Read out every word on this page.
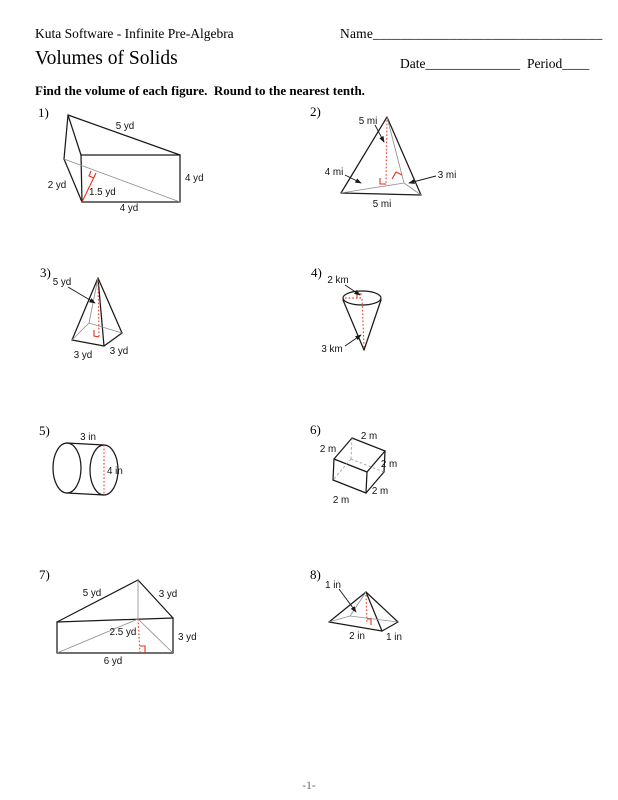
Kuta Software - Infinite Pre-Algebra	Name_________________________________
Volumes of Solids	Date______________ Period____
Find the volume of each figure.  Round to the nearest tenth.
1)	2)
3)	4)
5)	6)
7)	8)
5 yd
2 yd
1.5 yd
4 yd
4 yd
5 mi
4 mi	3 mi
5 mi
5 yd
3 yd 3 yd
2 km
3 km
3 in
4 in
2 m
2 m
2 m
2 m
2 m
5 yd	3 yd
2.5 yd	3 yd
6 yd
1 in
2 in 1 in
-1-
